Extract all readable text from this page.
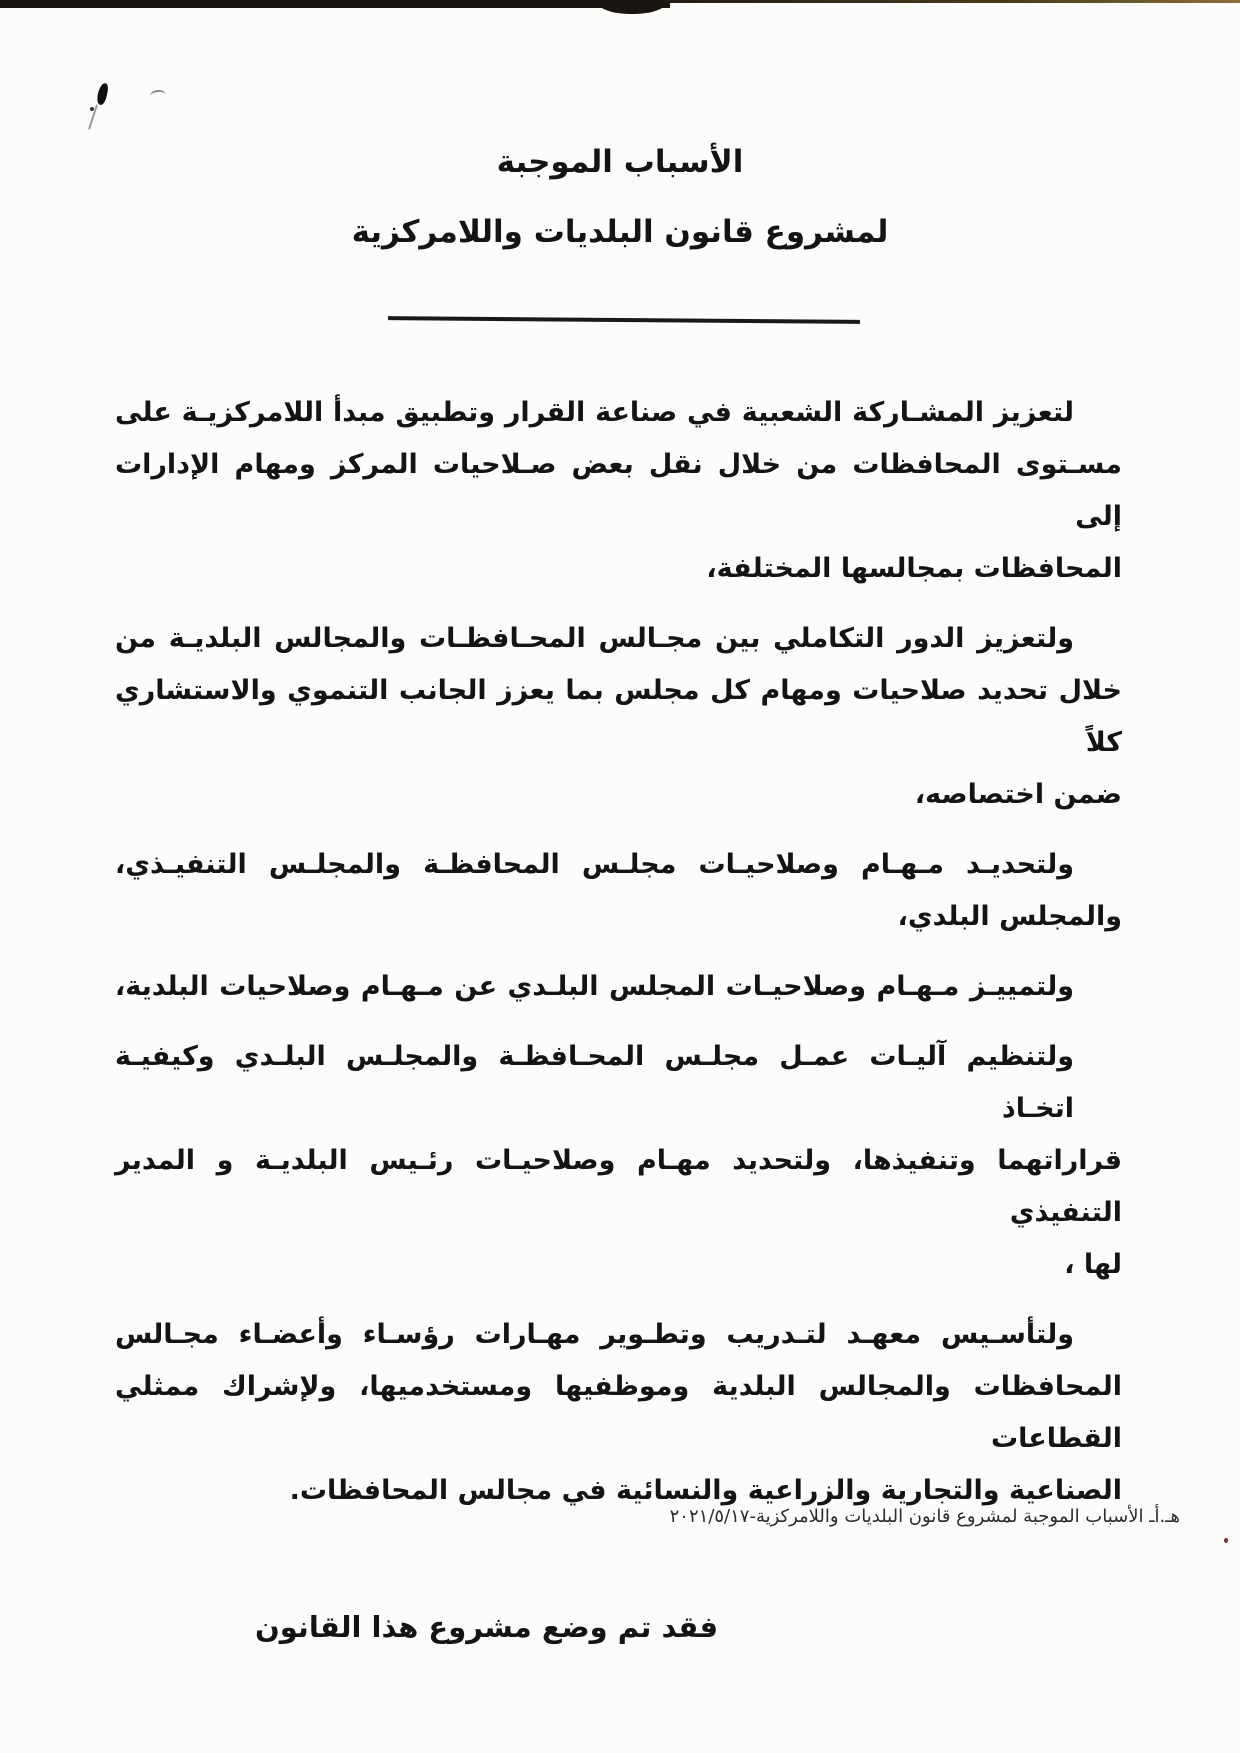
الأسباب الموجبة
لمشروع قانون البلديات واللامركزية
لتعزيز المشـاركة الشعبية في صناعة القرار وتطبيق مبدأ اللامركزيـة على
مسـتوى المحافظات من خلال نقل بعض صـلاحيات المركز ومهام الإدارات إلى
المحافظات بمجالسها المختلفة،
ولتعزيز الدور التكاملي بين مجـالس المحـافظـات والمجالس البلديـة من
خلال تحديد صلاحيات ومهام كل مجلس بما يعزز الجانب التنموي والاستشاري كلاً
ضمن اختصاصه،
ولتحديـد مـهـام وصلاحيـات مجلـس المحافظـة والمجلـس التنفيـذي،
والمجلس البلدي،
ولتمييـز مـهـام وصلاحيـات المجلس البلـدي عن مـهـام وصلاحيات البلدية،
ولتنظيم آليـات عمـل مجلـس المحـافظـة والمجلـس البلـدي وكيفيـة اتخـاذ
قراراتهما وتنفيذها، ولتحديد مهـام وصلاحيـات رئـيس البلديـة و المدير التنفيذي
لها ،
ولتأسـيس معهـد لتـدريب وتطـوير مهـارات رؤسـاء وأعضـاء مجـالس
المحافظات والمجالس البلدية وموظفيها ومستخدميها، ولإشراك ممثلي القطاعات
الصناعية والتجارية والزراعية والنسائية في مجالس المحافظات.
فقد تم وضع مشروع هذا القانون
هـ.أـ الأسباب الموجبة لمشروع قانون البلديات واللامركزية-٢٠٢١/٥/١٧
